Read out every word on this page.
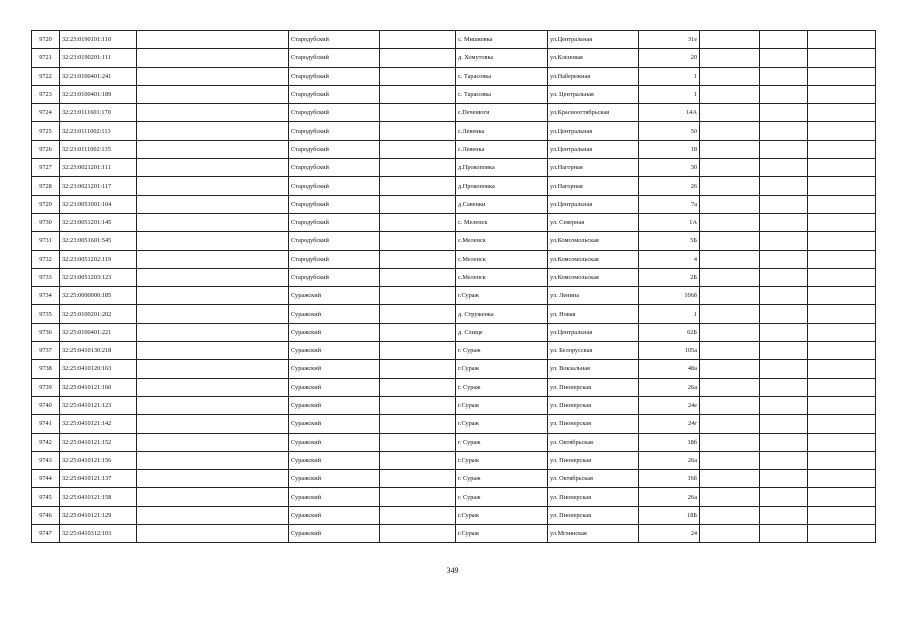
9720	32:23:0190101:110		Стародубский		с. Мишковка	ул.Центральная	31е			
9721	32:23:0190201:111		Стародубский		д. Хомутовка	ул.Кленовая	20			
9722	32:23:0100401:241		Стародубский		с. Тарасовка	ул.Набережная	1			
9723	32:23:0100401:189		Стародубский		с. Тарасовка	ул. Центральная	1			
9724	32:23:0111601:170		Стародубский		с.Печенюги	ул.Красноогтябрьская	14А			
9725	32:23:0111002:113		Стародубский		с.Левенка	ул.Центральная	50			
9726	32:23:0111002:135		Стародубский		с.Левенка	ул.Центральная	18			
9727	32:23:0021201:111		Стародубский		д.Прокоповка	ул.Нагорная	30			
9728	32:23:0021201:117		Стародубский		д.Прокоповка	ул.Нагорная	26			
9729	32:23:0051001:104		Стародубский		д.Савенки	ул.Центральная	7а			
9730	32:23:0051201:145		Стародубский		с. Меленск	ул. Северная	1А			
9731	32:23:0051601:545		Стародубский		с.Меленск	ул.Комсомольская	5Б			
9732	32:23:0051202:119		Стародубский		с.Меленск	ул.Комсомольская	4			
9733	32:23:0051203:123		Стародубский		с.Меленск	ул.Комсомольская	2Б			
9734	32:25:0000000:185		Суражский		г.Сураж	ул. Ленина	106б			
9735	32:25:0100201:202		Суражский		д. Струженка	ул. Новая	1			
9736	32:25:0100401:221		Суражский		д. Слище	ул.Центральная	62Б			
9737	32:25:0410130:218		Суражский		г. Сураж	ул. Белорусская	105а			
9738	32:25:0410120:163		Суражский		г.Сураж	ул. Вокзальная	48а			
9739	32:25:0410121:160		Суражский		г. Сураж	ул. Пионерская	26а			
9740	32:25:0410121:123		Суражский		г.Сураж	ул. Пионерская	24е			
9741	32:25:0410121:142		Суражский		г.Сураж	ул. Пионерская	24г			
9742	32:25:0410121:152		Суражский		г. Сураж	ул. Октябрьская	18б			
9743	32:25:0410121:156		Суражский		г.Сураж	ул. Пионерская	26а			
9744	32:25:0410121:137		Суражский		г. Сураж	ул. Октябрьская	16б			
9745	32:25:0410121:158		Суражский		г. Сураж	ул. Пионерская	26а			
9746	32:25:0410121:129		Суражский		г.Сураж	ул. Пионерская	18Б			
9747	32:25:0410312:103		Суражский		г.Сураж	ул.Мглинская	24			
349
